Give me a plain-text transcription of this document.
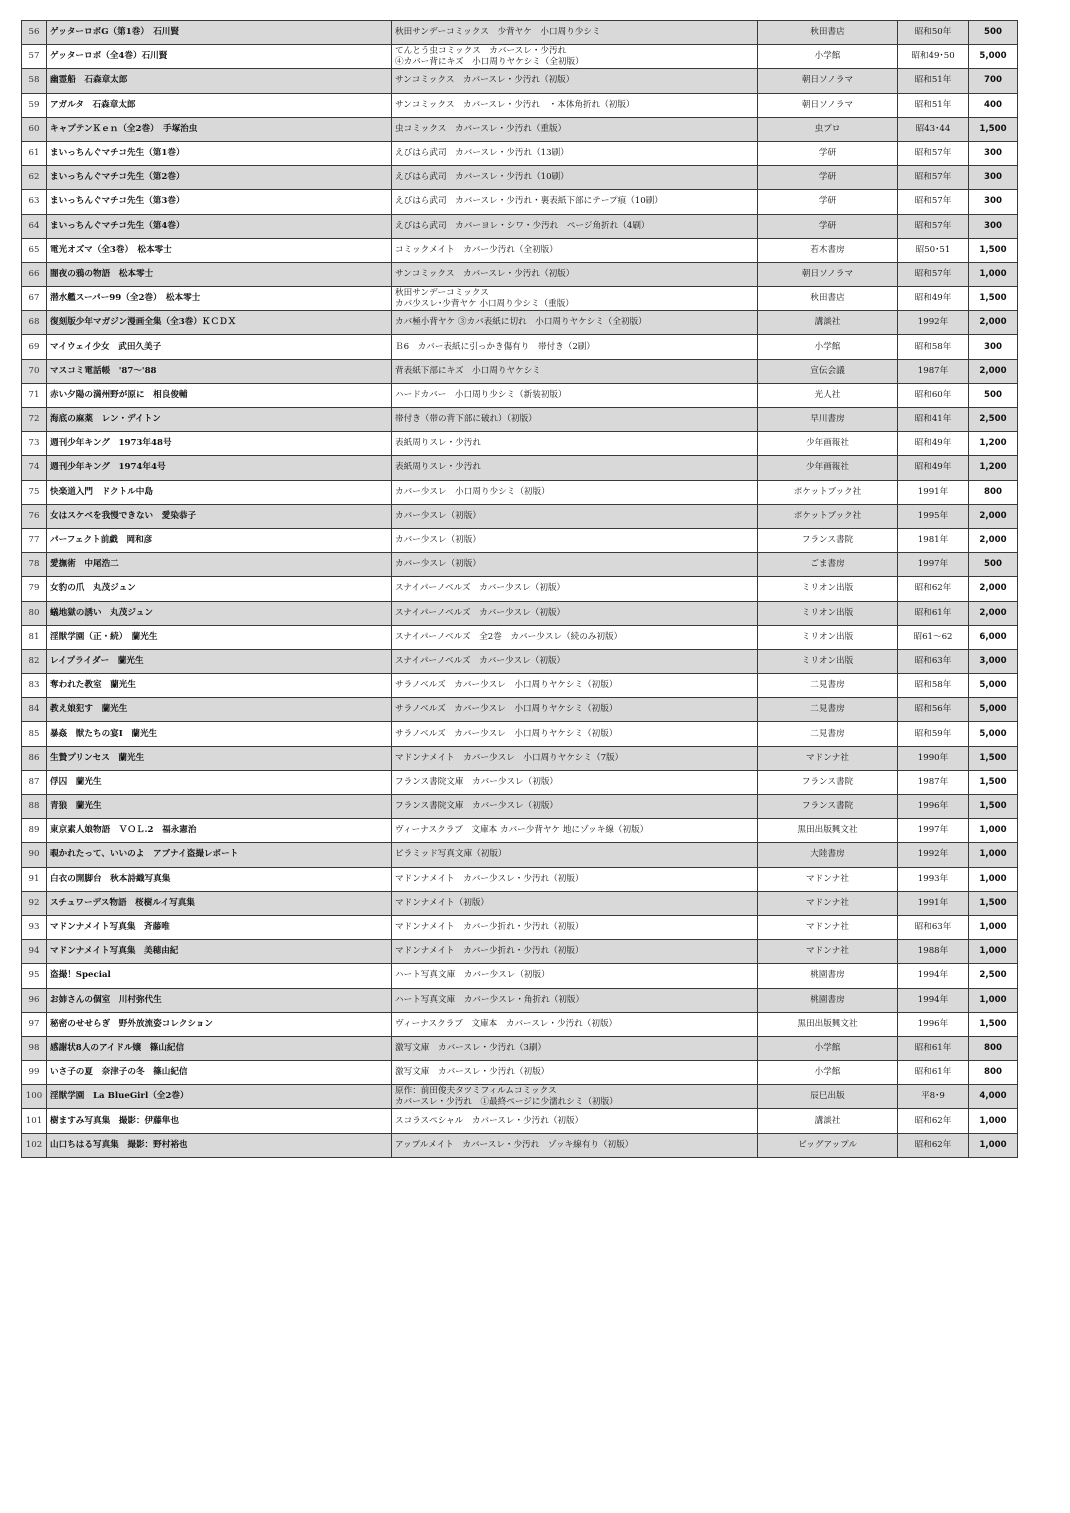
56	ゲッターロボG（第1巻）　石川賢	秋田サンデーコミックス　少背ヤケ　小口周り少シミ	秋田書店	昭和50年	500
57	ゲッターロボ（全4巻）石川賢	てんとう虫コミックス　カバースレ・少汚れ
④カバー背にキズ　小口周りヤケシミ（全初版）	小学館	昭和49･50	5,000
58	幽霊船　石森章太郎	サンコミックス　カバースレ・少汚れ（初版）	朝日ソノラマ	昭和51年	700
59	アガルタ　石森章太郎	サンコミックス　カバースレ・少汚れ　・本体角折れ（初版）	朝日ソノラマ	昭和51年	400
60	キャプテンＫｅｎ（全2巻）　手塚治虫	虫コミックス　カバースレ・少汚れ（重版）	虫プロ	昭43･44	1,500
61	まいっちんぐマチコ先生（第1巻）	えびはら武司　カバースレ・少汚れ（13刷）	学研	昭和57年	300
62	まいっちんぐマチコ先生（第2巻）	えびはら武司　カバースレ・少汚れ（10刷）	学研	昭和57年	300
63	まいっちんぐマチコ先生（第3巻）	えびはら武司　カバースレ・少汚れ・裏表紙下部にテープ痕（10刷）	学研	昭和57年	300
64	まいっちんぐマチコ先生（第4巻）	えびはら武司　カバーヨレ・シワ・少汚れ　ページ角折れ（4刷）	学研	昭和57年	300
65	電光オズマ（全3巻）　松本零士	コミックメイト　カバー少汚れ（全初版）	若木書房	昭50･51	1,500
66	闇夜の鴉の物語　松本零士	サンコミックス　カバースレ・少汚れ（初版）	朝日ソノラマ	昭和57年	1,000
67	潜水艦スーパー99（全2巻）　松本零士	秋田サンデーコミックス
カバ少スレ･少背ヤケ 小口周り少シミ（重版）	秋田書店	昭和49年	1,500
68	復刻版少年マガジン漫画全集（全3巻）ＫＣＤＸ	カバ極小背ヤケ ③カバ表紙に切れ　小口周りヤケシミ（全初版）	講談社	1992年	2,000
69	マイウェイ少女　武田久美子	Ｂ6　カバー表紙に引っかき傷有り　帯付き（2刷）	小学館	昭和58年	300
70	マスコミ電話帳　'87～'88	背表紙下部にキズ　小口周りヤケシミ	宣伝会議	1987年	2,000
71	赤い夕陽の満州野が原に　相良俊輔	ハードカバー　小口周り少シミ（新装初版）	光人社	昭和60年	500
72	海底の麻薬　レン・デイトン	帯付き（帯の背下部に破れ）（初版）	早川書房	昭和41年	2,500
73	週刊少年キング　1973年48号	表紙周りスレ・少汚れ	少年画報社	昭和49年	1,200
74	週刊少年キング　1974年4号	表紙周りスレ・少汚れ	少年画報社	昭和49年	1,200
75	快楽道入門　ドクトル中島	カバー少スレ　小口周り少シミ（初版）	ポケットブック社	1991年	800
76	女はスケベを我慢できない　愛染恭子	カバー少スレ（初版）	ポケットブック社	1995年	2,000
77	パーフェクト前戯　岡和彦	カバー少スレ（初版）	フランス書院	1981年	2,000
78	愛撫術　中尾浩二	カバー少スレ（初版）	ごま書房	1997年	500
79	女豹の爪　丸茂ジュン	スナイパーノベルズ　カバー少スレ（初版）	ミリオン出版	昭和62年	2,000
80	蟻地獄の誘い　丸茂ジュン	スナイパーノベルズ　カバー少スレ（初版）	ミリオン出版	昭和61年	2,000
81	淫獣学園（正・続）　蘭光生	スナイパーノベルズ　全2巻　カバー少スレ（続のみ初版）	ミリオン出版	昭61～62	6,000
82	レイプライダー　蘭光生	スナイパーノベルズ　カバー少スレ（初版）	ミリオン出版	昭和63年	3,000
83	奪われた教室　蘭光生	サラノベルズ　カバー少スレ　小口周りヤケシミ（初版）	二見書房	昭和58年	5,000
84	教え娘犯す　蘭光生	サラノベルズ　カバー少スレ　小口周りヤケシミ（初版）	二見書房	昭和56年	5,000
85	暴姦　獣たちの宴Ⅰ　蘭光生	サラノベルズ　カバー少スレ　小口周りヤケシミ（初版）	二見書房	昭和59年	5,000
86	生贄プリンセス　蘭光生	マドンナメイト　カバー少スレ　小口周りヤケシミ（7版）	マドンナ社	1990年	1,500
87	俘囚　蘭光生	フランス書院文庫　カバー少スレ（初版）	フランス書院	1987年	1,500
88	青狼　蘭光生	フランス書院文庫　カバー少スレ（初版）	フランス書院	1996年	1,500
89	東京素人娘物語　ＶＯＬ.2　福永憲治	ヴィーナスクラブ　文庫本 カバー少背ヤケ 地にゾッキ線（初版）	黒田出版興文社	1997年	1,000
90	覗かれたって、いいのよ　アブナイ盗撮レポート	ピラミッド写真文庫（初版）	大陸書房	1992年	1,000
91	白衣の開脚台　秋本詩織写真集	マドンナメイト　カバー少スレ・少汚れ（初版）	マドンナ社	1993年	1,000
92	スチュワーデス物語　桜樹ルイ写真集	マドンナメイト（初版）	マドンナ社	1991年	1,500
93	マドンナメイト写真集　斉藤唯	マドンナメイト　カバー少折れ・少汚れ（初版）	マドンナ社	昭和63年	1,000
94	マドンナメイト写真集　美穂由紀	マドンナメイト　カバー少折れ・少汚れ（初版）	マドンナ社	1988年	1,000
95	盗撮！Special	ハート写真文庫　カバー少スレ（初版）	桃園書房	1994年	2,500
96	お姉さんの個室　川村弥代生	ハート写真文庫　カバー少スレ・角折れ（初版）	桃園書房	1994年	1,000
97	秘密のせせらぎ　野外放流姿コレクション	ヴィーナスクラブ　文庫本　カバースレ・少汚れ（初版）	黒田出版興文社	1996年	1,500
98	感謝状8人のアイドル嬢　篠山紀信	激写文庫　カバースレ・少汚れ（3刷）	小学館	昭和61年	800
99	いさ子の夏　奈津子の冬　篠山紀信	激写文庫　カバースレ・少汚れ（初版）	小学館	昭和61年	800
100	淫獣学園　La BlueGirl（全2巻）	原作：前田俊夫タツミフィルムコミックス
カバースレ・少汚れ　①最終ページに少濡れシミ（初版）	辰巳出版	平8･9	4,000
101	樹ますみ写真集　撮影：伊藤隼也	スコラスペシャル　カバースレ・少汚れ（初版）	講談社	昭和62年	1,000
102	山口ちはる写真集　撮影：野村裕也	アップルメイト　カバースレ・少汚れ　ゾッキ線有り（初版）	ビッグアップル	昭和62年	1,000
